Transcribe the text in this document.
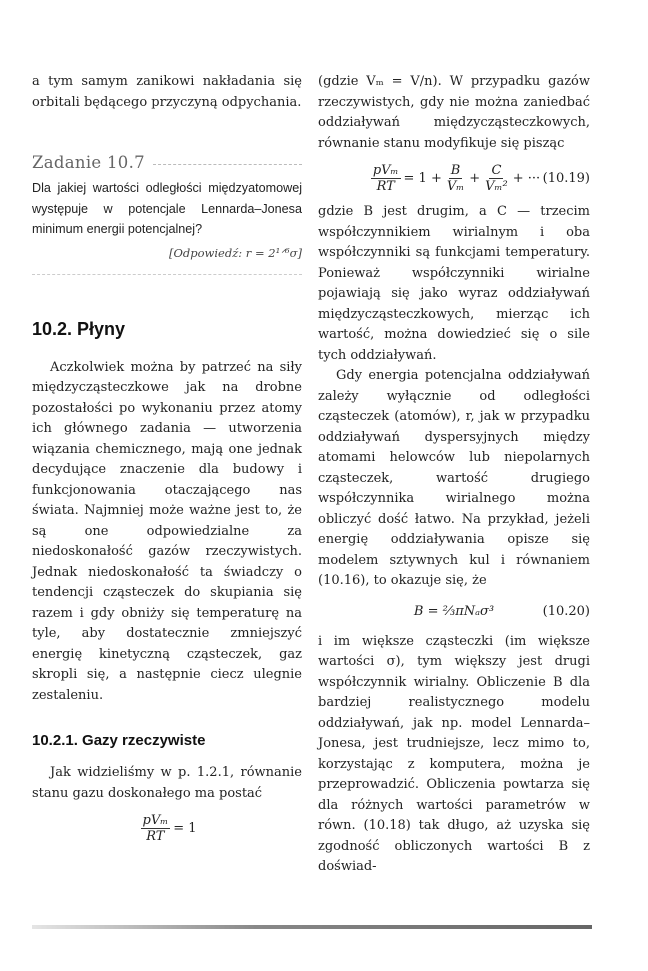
a tym samym zanikowi nakładania się orbitali będącego przyczyną odpychania.

Zadanie 10.7
Dla jakiej wartości odległości międzyatomowej występuje w potencjale Lennarda–Jonesa minimum energii potencjalnej?
[Odpowiedź: r = 2¹ᐟ⁶σ]
10.2. Płyny

Aczkolwiek można by patrzeć na siły międzycząsteczkowe jak na drobne pozostałości po wykonaniu przez atomy ich głównego zadania — utworzenia wiązania chemicznego, mają one jednak decydujące znaczenie dla budowy i funkcjonowania otaczającego nas świata. Najmniej może ważne jest to, że są one odpowiedzialne za niedoskonałość gazów rzeczywistych. Jednak niedoskonałość ta świadczy o tendencji cząsteczek do skupiania się razem i gdy obniży się temperaturę na tyle, aby dostatecznie zmniejszyć energię kinetyczną cząsteczek, gaz skropli się, a następnie ciecz ulegnie zestaleniu.

10.2.1. Gazy rzeczywiste

Jak widzieliśmy w p. 1.2.1, równanie stanu gazu doskonałego ma postać

$\frac{\text{pVₘ}}{RT} = 1$

(gdzie Vₘ = V/n). W przypadku gazów rzeczywistych, gdy nie można zaniedbać oddziaływań międzycząsteczkowych, równanie stanu modyfikuje się pisząc

$\frac{\text{pVₘ}}{RT} = 1 + \frac{B}{\text{Vₘ}} + \frac{C}{\text{Vₘ²}}$ + ··· (10.19)

gdzie B jest drugim, a C — trzecim współczynnikiem wirialnym i oba współczynniki są funkcjami temperatury. Ponieważ współczynniki wirialne pojawiają się jako wyraz oddziaływań międzycząsteczkowych, mierząc ich wartość, można dowiedzieć się o sile tych oddziaływań.

Gdy energia potencjalna oddziaływań zależy wyłącznie od odległości cząsteczek (atomów), r, jak w przypadku oddziaływań dyspersyjnych między atomami helowców lub niepolarnych cząsteczek, wartość drugiego współczynnika wirialnego można obliczyć dość łatwo. Na przykład, jeżeli energię oddziaływania opisze się modelem sztywnych kul i równaniem (10.16), to okazuje się, że

B = ⅔πNₐσ³	(10.20)

i im większe cząsteczki (im większe wartości σ), tym większy jest drugi współczynnik wirialny. Obliczenie B dla bardziej realistycznego modelu oddziaływań, jak np. model Lennarda–Jonesa, jest trudniejsze, lecz mimo to, korzystając z komputera, można je przeprowadzić. Obliczenia powtarza się dla różnych wartości parametrów w równ. (10.18) tak długo, aż uzyska się zgodność obliczonych wartości B z doświad-
